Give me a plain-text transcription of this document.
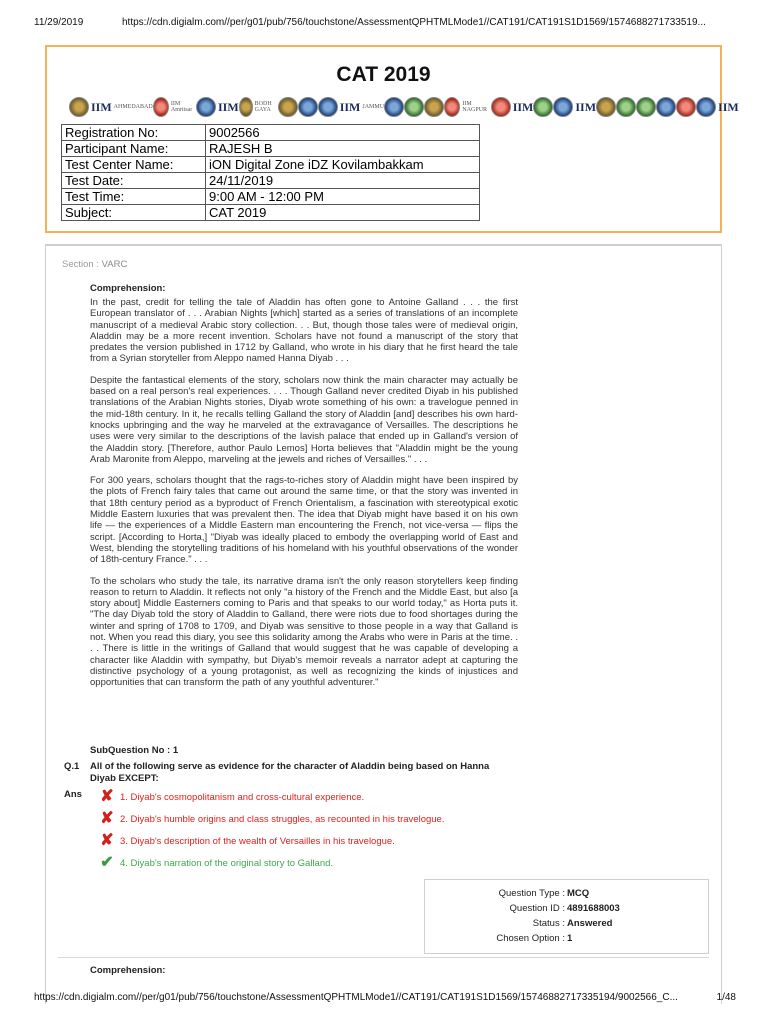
11/29/2019	https://cdn.digialm.com//per/g01/pub/756/touchstone/AssessmentQPHTMLMode1//CAT191/CAT191S1D1569/1574688271733519...
CAT 2019
IIM AHMEDABAD	IIM Amritsar	IIM	BODH GAYA	IIM JAMMU	IIM NAGPUR	IIM	IIM	IIM
Registration No:	9002566
Participant Name:	RAJESH B
Test Center Name:	iON Digital Zone iDZ Kovilambakkam
Test Date:	24/11/2019
Test Time:	9:00 AM - 12:00 PM
Subject:	CAT 2019
Section : VARC
Comprehension:

In the past, credit for telling the tale of Aladdin has often gone to Antoine Galland . . . the first European translator of . . . Arabian Nights [which] started as a series of translations of an incomplete manuscript of a medieval Arabic story collection. . . But, though those tales were of medieval origin, Aladdin may be a more recent invention. Scholars have not found a manuscript of the story that predates the version published in 1712 by Galland, who wrote in his diary that he first heard the tale from a Syrian storyteller from Aleppo named Hanna Diyab . . .

Despite the fantastical elements of the story, scholars now think the main character may actually be based on a real person's real experiences. . . . Though Galland never credited Diyab in his published translations of the Arabian Nights stories, Diyab wrote something of his own: a travelogue penned in the mid-18th century. In it, he recalls telling Galland the story of Aladdin [and] describes his own hard-knocks upbringing and the way he marveled at the extravagance of Versailles. The descriptions he uses were very similar to the descriptions of the lavish palace that ended up in Galland's version of the Aladdin story. [Therefore, author Paulo Lemos] Horta believes that "Aladdin might be the young Arab Maronite from Aleppo, marveling at the jewels and riches of Versailles." . . .

For 300 years, scholars thought that the rags-to-riches story of Aladdin might have been inspired by the plots of French fairy tales that came out around the same time, or that the story was invented in that 18th century period as a byproduct of French Orientalism, a fascination with stereotypical exotic Middle Eastern luxuries that was prevalent then. The idea that Diyab might have based it on his own life — the experiences of a Middle Eastern man encountering the French, not vice-versa — flips the script. [According to Horta,] "Diyab was ideally placed to embody the overlapping world of East and West, blending the storytelling traditions of his homeland with his youthful observations of the wonder of 18th-century France." . . .

To the scholars who study the tale, its narrative drama isn't the only reason storytellers keep finding reason to return to Aladdin. It reflects not only "a history of the French and the Middle East, but also [a story about] Middle Easterners coming to Paris and that speaks to our world today," as Horta puts it. "The day Diyab told the story of Aladdin to Galland, there were riots due to food shortages during the winter and spring of 1708 to 1709, and Diyab was sensitive to those people in a way that Galland is not. When you read this diary, you see this solidarity among the Arabs who were in Paris at the time. . . . There is little in the writings of Galland that would suggest that he was capable of developing a character like Aladdin with sympathy, but Diyab's memoir reveals a narrator adept at capturing the distinctive psychology of a young protagonist, as well as recognizing the kinds of injustices and opportunities that can transform the path of any youthful adventurer."

SubQuestion No : 1
Q.1 All of the following serve as evidence for the character of Aladdin being based on Hanna Diyab EXCEPT:
Ans ✘ 1. Diyab's cosmopolitanism and cross-cultural experience.
✘ 2. Diyab's humble origins and class struggles, as recounted in his travelogue.
✘ 3. Diyab's description of the wealth of Versailles in his travelogue.
✔ 4. Diyab's narration of the original story to Galland.
Question Type : MCQ
Question ID : 4891688003
Status : Answered
Chosen Option : 1
Comprehension:
https://cdn.digialm.com//per/g01/pub/756/touchstone/AssessmentQPHTMLMode1//CAT191/CAT191S1D1569/1574688271733519​4/9002566_C...	1/48
